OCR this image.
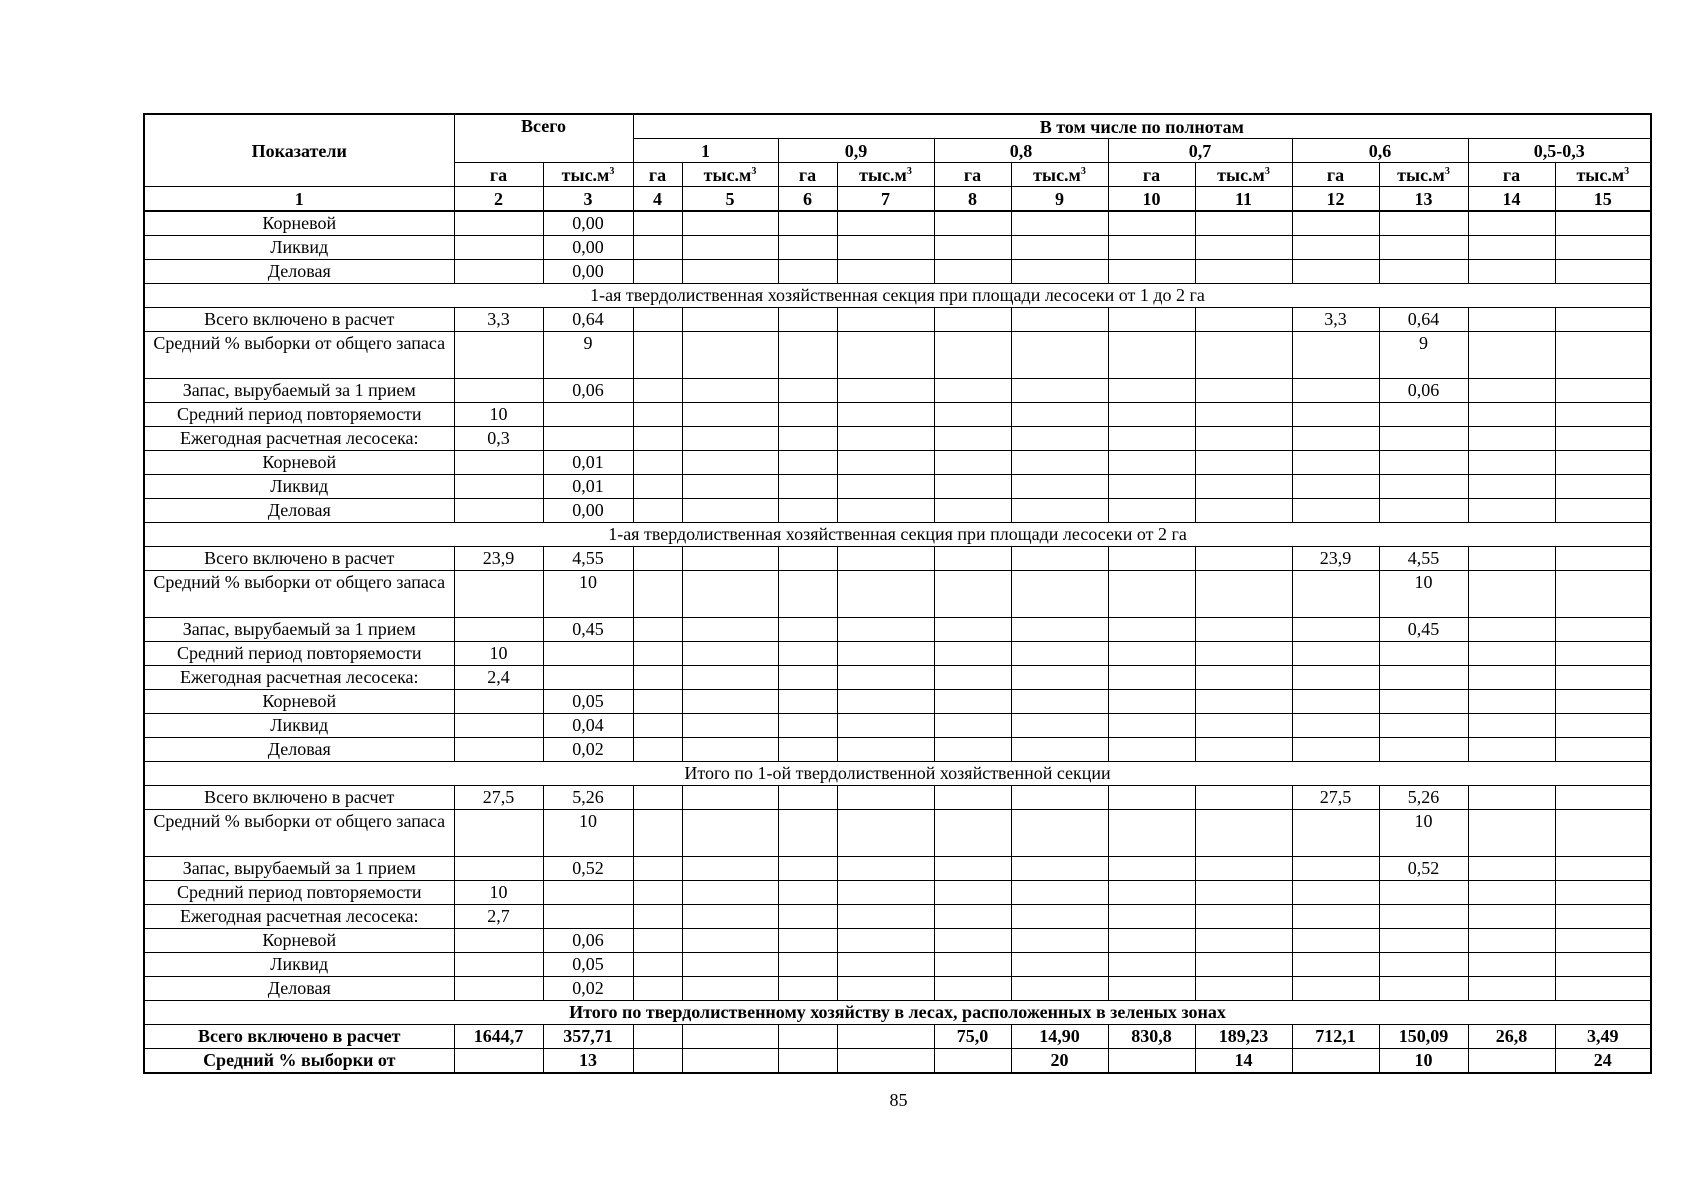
Показатели	Всего		В том числе по полнотам											
			1		0,9		0,8		0,7		0,6		0,5-0,3	
	га	$тыс.м^3$	га	$тыс.м^3$	га	$тыс.м^3$	га	$тыс.м^3$	га	$тыс.м^3$	га	$тыс.м^3$	га	$тыс.м^3$
1	2	3	4	5	6	7	8	9	10	11	12	13	14	15
Корневой		0,00												
Ликвид		0,00												
Деловая		0,00												
1-ая твердолиственная хозяйственная секция при площади лесосеки от 1 до 2 га														
Всего включено в расчет	3,3	0,64									3,3	0,64		
Средний % выборки от общего запаса		9										9		
Запас, вырубаемый за 1 прием		0,06										0,06		
Средний период повторяемости	10													
Ежегодная расчетная лесосека:	0,3													
Корневой		0,01												
Ликвид		0,01												
Деловая		0,00												
1-ая твердолиственная хозяйственная секция при площади лесосеки от 2 га														
Всего включено в расчет	23,9	4,55									23,9	4,55		
Средний % выборки от общего запаса		10										10		
Запас, вырубаемый за 1 прием		0,45										0,45		
Средний период повторяемости	10													
Ежегодная расчетная лесосека:	2,4													
Корневой		0,05												
Ликвид		0,04												
Деловая		0,02												
Итого по 1-ой твердолиственной хозяйственной секции														
Всего включено в расчет	27,5	5,26									27,5	5,26		
Средний % выборки от общего запаса		10										10		
Запас, вырубаемый за 1 прием		0,52										0,52		
Средний период повторяемости	10													
Ежегодная расчетная лесосека:	2,7													
Корневой		0,06												
Ликвид		0,05												
Деловая		0,02												
Итого по твердолиственному хозяйству в лесах, расположенных в зеленых зонах														
Всего включено в расчет	1644,7	357,71					75,0	14,90	830,8	189,23	712,1	150,09	26,8	3,49
Средний % выборки от		13						20		14		10		24
85
